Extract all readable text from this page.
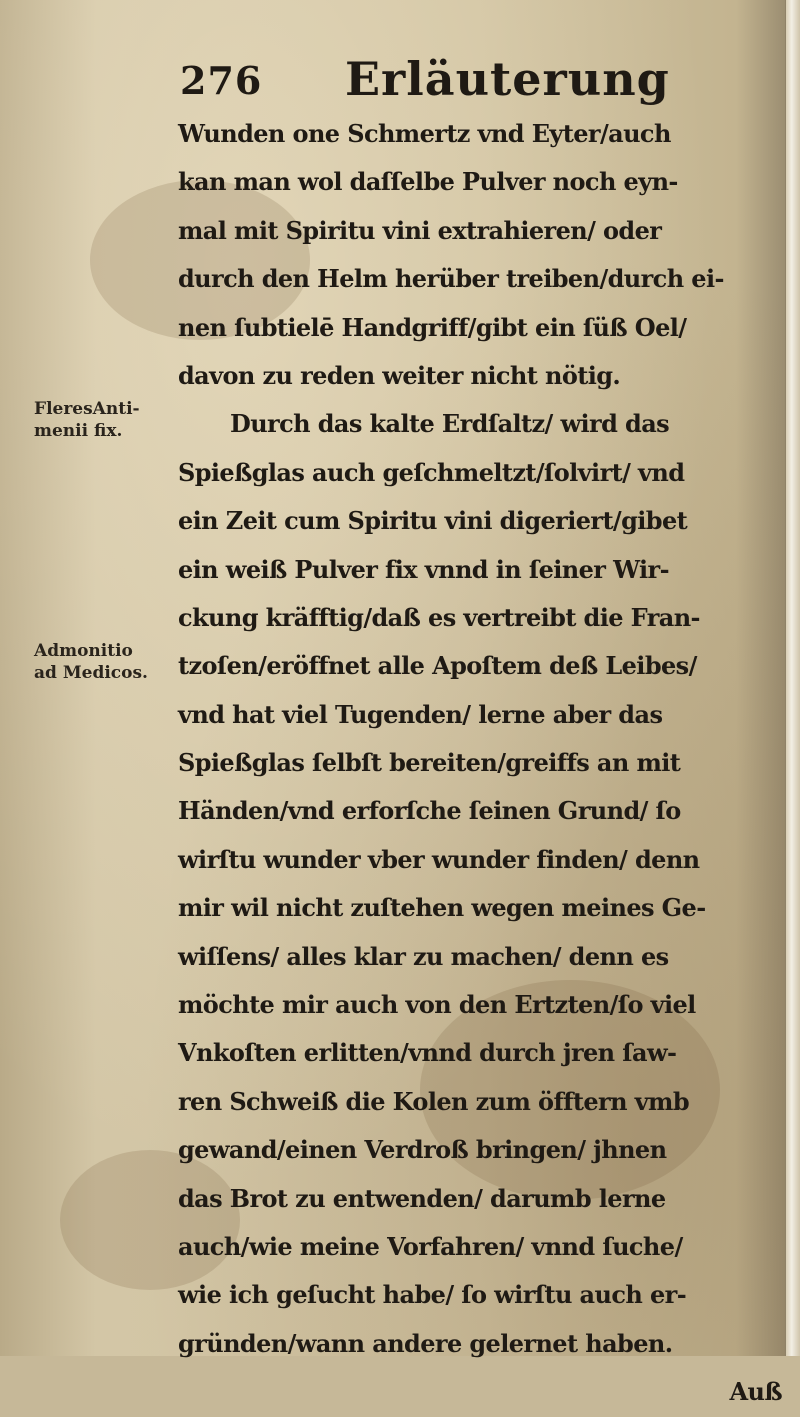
276 Erläuterung
FleresAnti-
menii fix.
Admonitio
ad Medicos.
Wunden one Schmertz vnd Eyter/auch
kan man wol daſſelbe Pulver noch eyn-
mal mit Spiritu vini extrahieren/ oder
durch den Helm herüber treiben/durch ei-
nen ſubtielē Handgriff/gibt ein ſüß Oel/
davon zu reden weiter nicht nötig.
Durch das kalte Erdſaltz/ wird das
Spießglas auch geſchmeltzt/ſolvirt/ vnd
ein Zeit cum Spiritu vini digeriert/gibet
ein weiß Pulver fix vnnd in ſeiner Wir-
ckung kräfftig/daß es vertreibt die Fran-
tzoſen/eröffnet alle Apoſtem deß Leibes/
vnd hat viel Tugenden/ lerne aber das
Spießglas ſelbſt bereiten/greiffs an mit
Händen/vnd erforſche ſeinen Grund/ ſo
wirſtu wunder vber wunder finden/ denn
mir wil nicht zuſtehen wegen meines Ge-
wiſſens/ alles klar zu machen/ denn es
möchte mir auch von den Ertzten/ſo viel
Vnkoſten erlitten/vnnd durch jren ſaw-
ren Schweiß die Kolen zum öfftern vmb
gewand/einen Verdroß bringen/ jhnen
das Brot zu entwenden/ darumb lerne
auch/wie meine Vorfahren/ vnnd ſuche/
wie ich geſucht habe/ ſo wirſtu auch er-
gründen/wann andere gelernet haben.
Auß
